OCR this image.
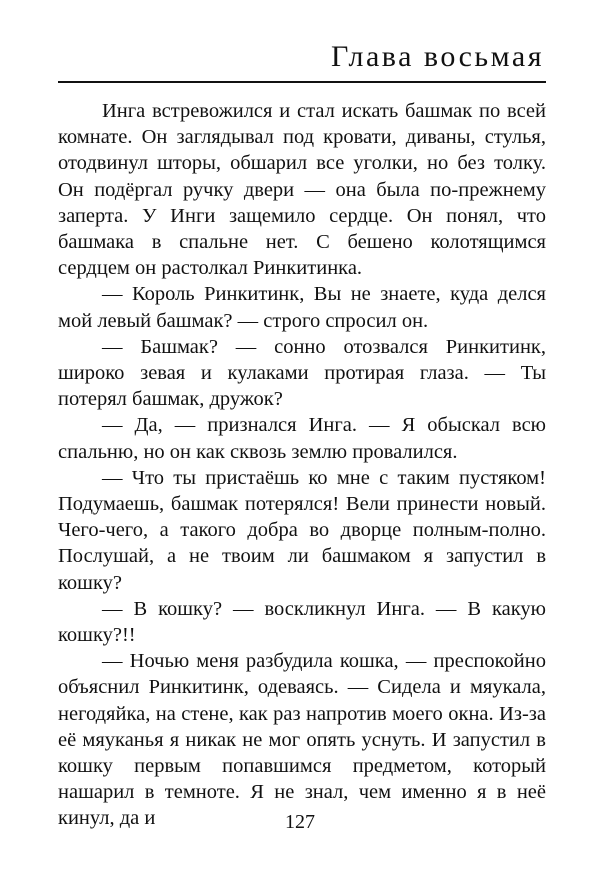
Глава восьмая

Инга встревожился и стал искать башмак по всей комнате. Он заглядывал под кровати, диваны, стулья, отодвинул шторы, обшарил все уголки, но без толку. Он подёргал ручку двери — она была по-прежнему заперта. У Инги защемило сердце. Он понял, что башмака в спальне нет. С бешено колотящимся сердцем он растолкал Ринкитинка.

— Король Ринкитинк, Вы не знаете, куда делся мой левый башмак? — строго спросил он.

— Башмак? — сонно отозвался Ринкитинк, широко зевая и кулаками протирая глаза. — Ты потерял башмак, дружок?

— Да, — признался Инга. — Я обыскал всю спальню, но он как сквозь землю провалился.

— Что ты пристаёшь ко мне с таким пустяком! Подумаешь, башмак потерялся! Вели принести новый. Чего-чего, а такого добра во дворце полным-полно. Послушай, а не твоим ли башмаком я запустил в кошку?

— В кошку? — воскликнул Инга. — В какую кошку?!!

— Ночью меня разбудила кошка, — преспокойно объяснил Ринкитинк, одеваясь. — Сидела и мяукала, негодяйка, на стене, как раз напротив моего окна. Из-за её мяуканья я никак не мог опять уснуть. И запустил в кошку первым попавшимся предметом, который нашарил в темноте. Я не знал, чем именно я в неё кинул, да и	127
